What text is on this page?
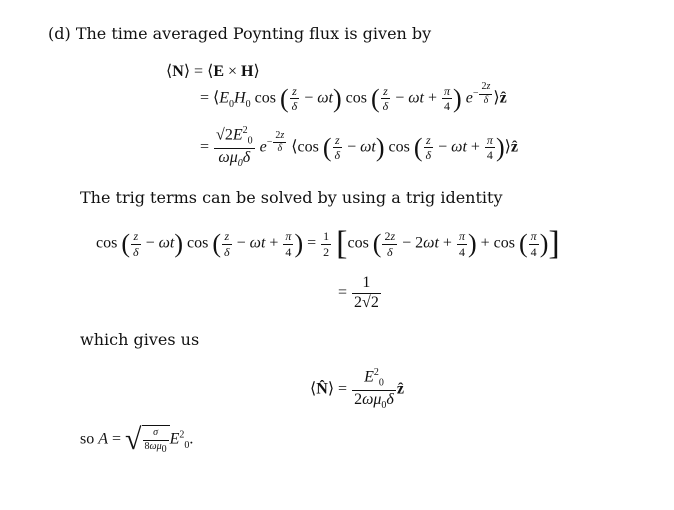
(d) The time averaged Poynting flux is given by
⟨N⟩ = ⟨E × H⟩
= $⟨E_0H_0$ cos ( $\frac{z}{\delta} - \omega t$) cos ( $\frac{z}{\delta} - \omega t + \frac{\pi}{4}$ ) $e^{- \frac{2z}{\delta}}$ ⟩ẑ
= $\frac{√2E^2_0}{\omega\mu_0\delta} e^{- \frac{2z}{\delta}}$ ⟨cos ( $\frac{z}{\delta} - \omega t$) cos ( $\frac{z}{\delta} - \omega t + \frac{\pi}{4}$ )⟩ẑ
The trig terms can be solved by using a trig identity
cos ( $\frac{z}{\delta} - \omega t$) cos ( $\frac{z}{\delta} - \omega t + \frac{\pi}{4}$ ) = $\frac{1}{2} [\cos$ ( $\frac{2z}{\delta} - 2\omega t + \frac{\pi}{4}$ ) + cos ( $\frac{\pi}{4}$ )]
= $\frac{1}{2√2}$
which gives us
⟨N̂⟩ = $\frac{E^2_0}{2\omega\mu_0\delta}$ ẑ
so A = √ $\frac{\sigma}{8\omega\mu_0} E^2_0$.
